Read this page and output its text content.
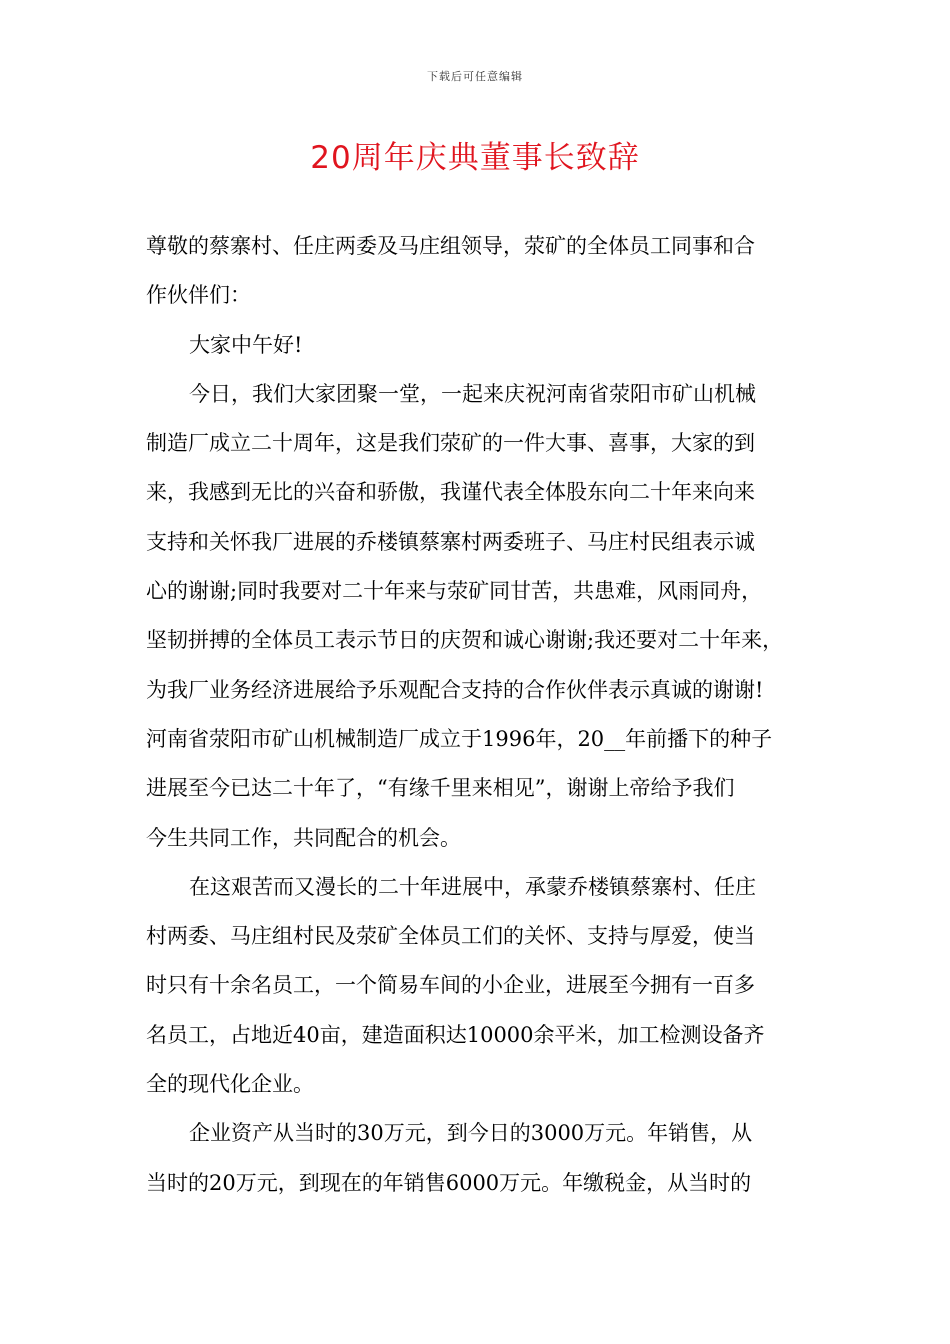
下载后可任意编辑
20周年庆典董事长致辞
尊敬的蔡寨村、任庄两委及马庄组领导，荥矿的全体员工同事和合
作伙伴们：
大家中午好!
今日，我们大家团聚一堂，一起来庆祝河南省荥阳市矿山机械
制造厂成立二十周年，这是我们荥矿的一件大事、喜事，大家的到
来，我感到无比的兴奋和骄傲，我谨代表全体股东向二十年来向来
支持和关怀我厂进展的乔楼镇蔡寨村两委班子、马庄村民组表示诚
心的谢谢;同时我要对二十年来与荥矿同甘苦，共患难，风雨同舟，
坚韧拼搏的全体员工表示节日的庆贺和诚心谢谢;我还要对二十年来，
为我厂业务经济进展给予乐观配合支持的合作伙伴表示真诚的谢谢!
河南省荥阳市矿山机械制造厂成立于1996年，20__年前播下的种子
进展至今已达二十年了，“有缘千里来相见”，谢谢上帝给予我们
今生共同工作，共同配合的机会。
在这艰苦而又漫长的二十年进展中，承蒙乔楼镇蔡寨村、任庄
村两委、马庄组村民及荥矿全体员工们的关怀、支持与厚爱，使当
时只有十余名员工，一个简易车间的小企业，进展至今拥有一百多
名员工，占地近40亩，建造面积达10000余平米，加工检测设备齐
全的现代化企业。
企业资产从当时的30万元，到今日的3000万元。年销售，从
当时的20万元，到现在的年销售6000万元。年缴税金，从当时的
